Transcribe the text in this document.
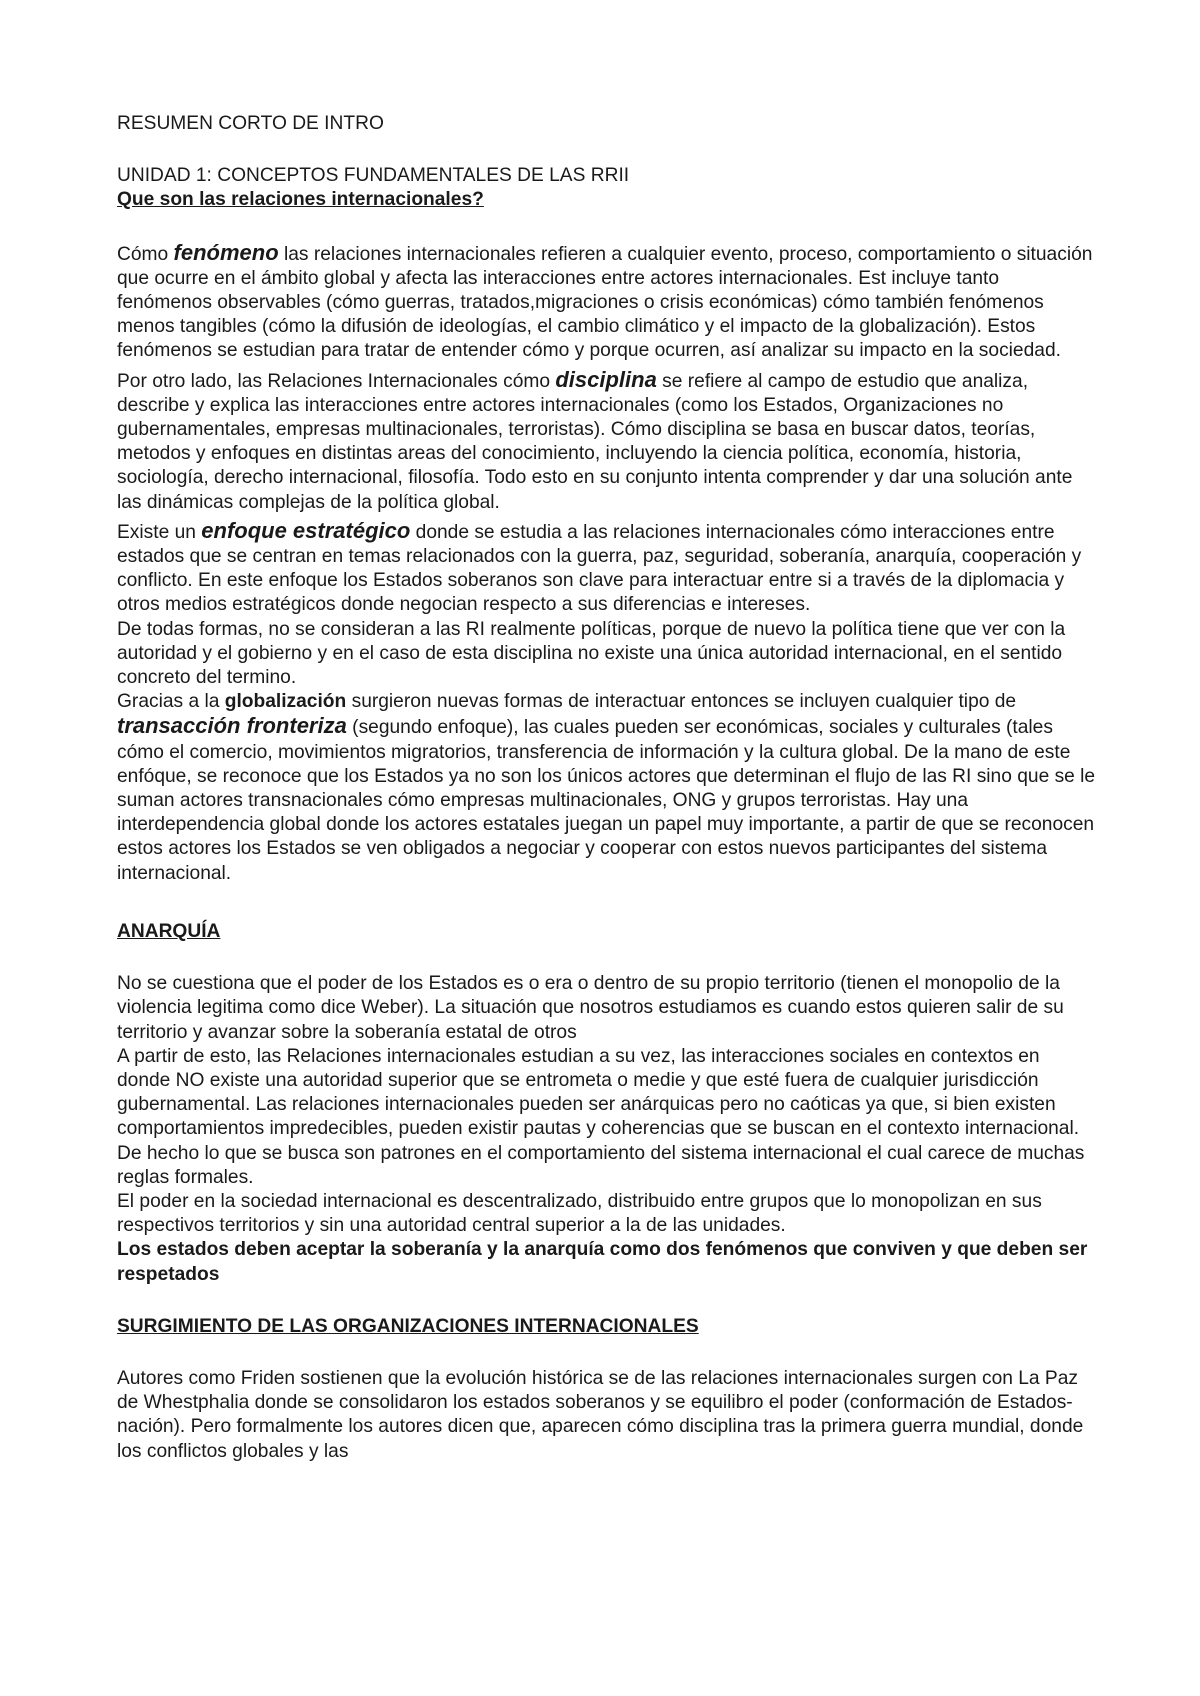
RESUMEN CORTO DE INTRO
UNIDAD 1: CONCEPTOS FUNDAMENTALES DE LAS RRII
Que son las relaciones internacionales?

Cómo fenómeno las relaciones internacionales refieren a cualquier evento, proceso, comportamiento o situación que ocurre en el ámbito global y afecta las interacciones entre actores internacionales. Est incluye tanto fenómenos observables (cómo guerras, tratados,migraciones o crisis económicas) cómo también fenómenos menos tangibles (cómo la difusión de ideologías, el cambio climático y el impacto de la globalización). Estos fenómenos se estudian para tratar de entender cómo y porque ocurren, así analizar su impacto en la sociedad.

Por otro lado, las Relaciones Internacionales cómo disciplina se refiere al campo de estudio que analiza, describe y explica las interacciones entre actores internacionales (como los Estados, Organizaciones no gubernamentales, empresas multinacionales, terroristas). Cómo disciplina se basa en buscar datos, teorías, metodos y enfoques en distintas areas del conocimiento, incluyendo la ciencia política, economía, historia, sociología, derecho internacional, filosofía. Todo esto en su conjunto intenta comprender y dar una solución ante las dinámicas complejas de la política global.

Existe un enfoque estratégico donde se estudia a las relaciones internacionales cómo interacciones entre estados que se centran en temas relacionados con la guerra, paz, seguridad, soberanía, anarquía, cooperación y conflicto. En este enfoque los Estados soberanos son clave para interactuar entre si a través de la diplomacia y otros medios estratégicos donde negocian respecto a sus diferencias e intereses.

De todas formas, no se consideran a las RI realmente políticas, porque de nuevo la política tiene que ver con la autoridad y el gobierno y en el caso de esta disciplina no existe una única autoridad internacional, en el sentido concreto del termino.

Gracias a la globalización surgieron nuevas formas de interactuar entonces se incluyen cualquier tipo de transacción fronteriza (segundo enfoque), las cuales pueden ser económicas, sociales y culturales (tales cómo el comercio, movimientos migratorios, transferencia de información y la cultura global. De la mano de este enfóque, se reconoce que los Estados ya no son los únicos actores que determinan el flujo de las RI sino que se le suman actores transnacionales cómo empresas multinacionales, ONG y grupos terroristas. Hay una interdependencia global donde los actores estatales juegan un papel muy importante, a partir de que se reconocen estos actores los Estados se ven obligados a negociar y cooperar con estos nuevos participantes del sistema internacional.

ANARQUÍA

No se cuestiona que el poder de los Estados es o era o dentro de su propio territorio (tienen el monopolio de la violencia legitima como dice Weber). La situación que nosotros estudiamos es cuando estos quieren salir de su territorio y avanzar sobre la soberanía estatal de otros

A partir de esto, las Relaciones internacionales estudian a su vez, las interacciones sociales en contextos en donde NO existe una autoridad superior que se entrometa o medie y que esté fuera de cualquier jurisdicción gubernamental. Las relaciones internacionales pueden ser anárquicas pero no caóticas ya que, si bien existen comportamientos impredecibles, pueden existir pautas y coherencias que se buscan en el contexto internacional. De hecho lo que se busca son patrones en el comportamiento del sistema internacional el cual carece de muchas reglas formales.

El poder en la sociedad internacional es descentralizado, distribuido entre grupos que lo monopolizan en sus respectivos territorios y sin una autoridad central superior a la de las unidades.

Los estados deben aceptar la soberanía y la anarquía como dos fenómenos que conviven y que deben ser respetados

SURGIMIENTO DE LAS ORGANIZACIONES INTERNACIONALES

Autores como Friden sostienen que la evolución histórica se de las relaciones internacionales surgen con La Paz de Whestphalia donde se consolidaron los estados soberanos y se equilibro el poder (conformación de Estados- nación). Pero formalmente los autores dicen que, aparecen cómo disciplina tras la primera guerra mundial, donde los conflictos globales y las
